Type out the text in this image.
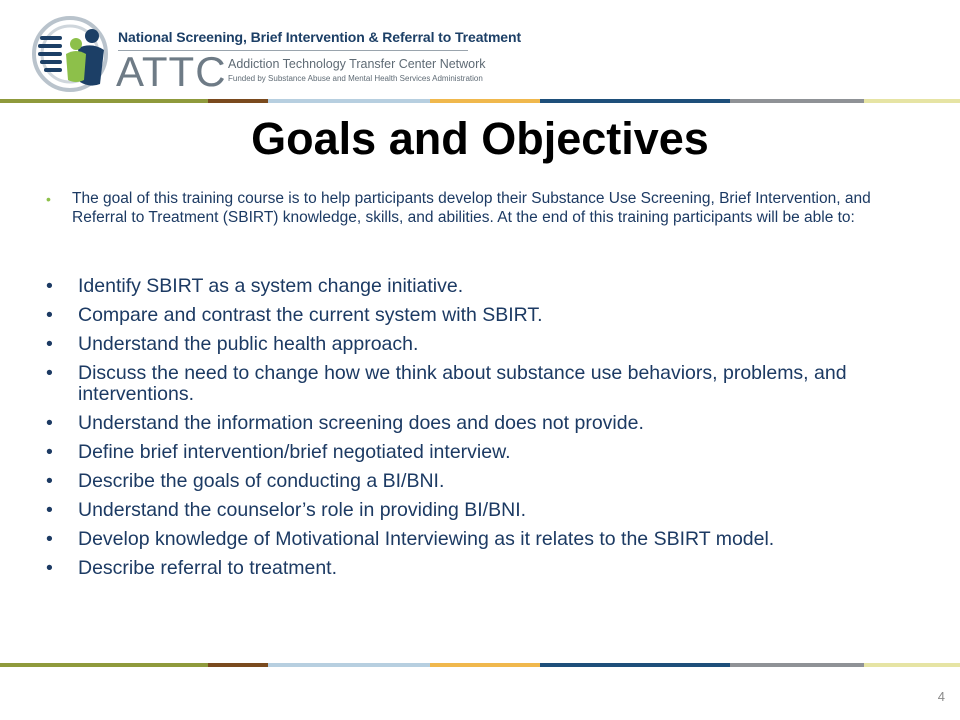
National Screening, Brief Intervention & Referral to Treatment
ATTC Addiction Technology Transfer Center Network
Funded by Substance Abuse and Mental Health Services Administration
Goals and Objectives
•	The goal of this training course is to help participants develop their Substance Use Screening, Brief Intervention, and Referral to Treatment (SBIRT) knowledge, skills, and abilities. At the end of this training participants will be able to:

•	Identify SBIRT as a system change initiative.
•	Compare and contrast the current system with SBIRT.
•	Understand the public health approach.
•	Discuss the need to change how we think about substance use behaviors, problems, and interventions.
•	Understand the information screening does and does not provide.
•	Define brief intervention/brief negotiated interview.
•	Describe the goals of conducting a BI/BNI.
•	Understand the counselor’s role in providing BI/BNI.
•	Develop knowledge of Motivational Interviewing as it relates to the SBIRT model.
•	Describe referral to treatment.
4
